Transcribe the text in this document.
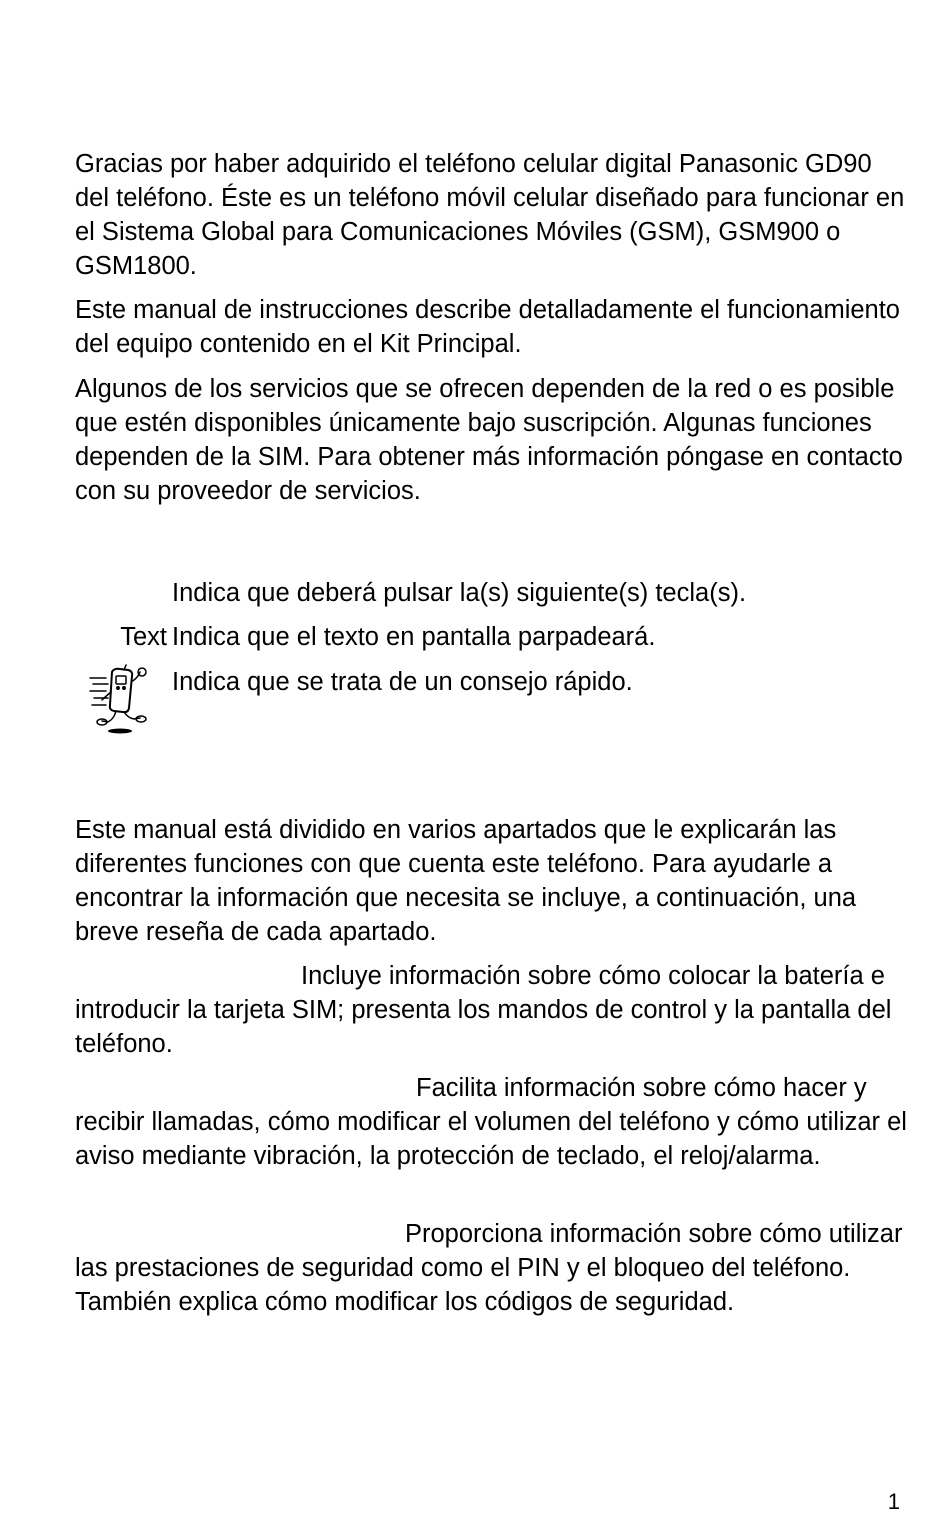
Gracias por haber adquirido el teléfono celular digital Panasonic GD90 del teléfono. Éste es un teléfono móvil celular diseñado para funcionar en el Sistema Global para Comunicaciones Móviles (GSM), GSM900 o GSM1800.

Este manual de instrucciones describe detalladamente el funcionamiento del equipo contenido en el Kit Principal.

Algunos de los servicios que se ofrecen dependen de la red o es posible que estén disponibles únicamente bajo suscripción. Algunas funciones dependen de la SIM. Para obtener más información póngase en contacto con su proveedor de servicios.

Indica que deberá pulsar la(s) siguiente(s) tecla(s).
Text Indica que el texto en pantalla parpadeará.
Indica que se trata de un consejo rápido.

Este manual está dividido en varios apartados que le explicarán las diferentes funciones con que cuenta este teléfono. Para ayudarle a encontrar la información que necesita se incluye, a continuación, una breve reseña de cada apartado.

Incluye información sobre cómo colocar la batería e introducir la tarjeta SIM; presenta los mandos de control y la pantalla del teléfono.

Facilita información sobre cómo hacer y recibir llamadas, cómo modificar el volumen del teléfono y cómo utilizar el aviso mediante vibración, la protección de teclado, el reloj/alarma.

Proporciona información sobre cómo utilizar las prestaciones de seguridad como el PIN y el bloqueo del teléfono. También explica cómo modificar los códigos de seguridad.

1
